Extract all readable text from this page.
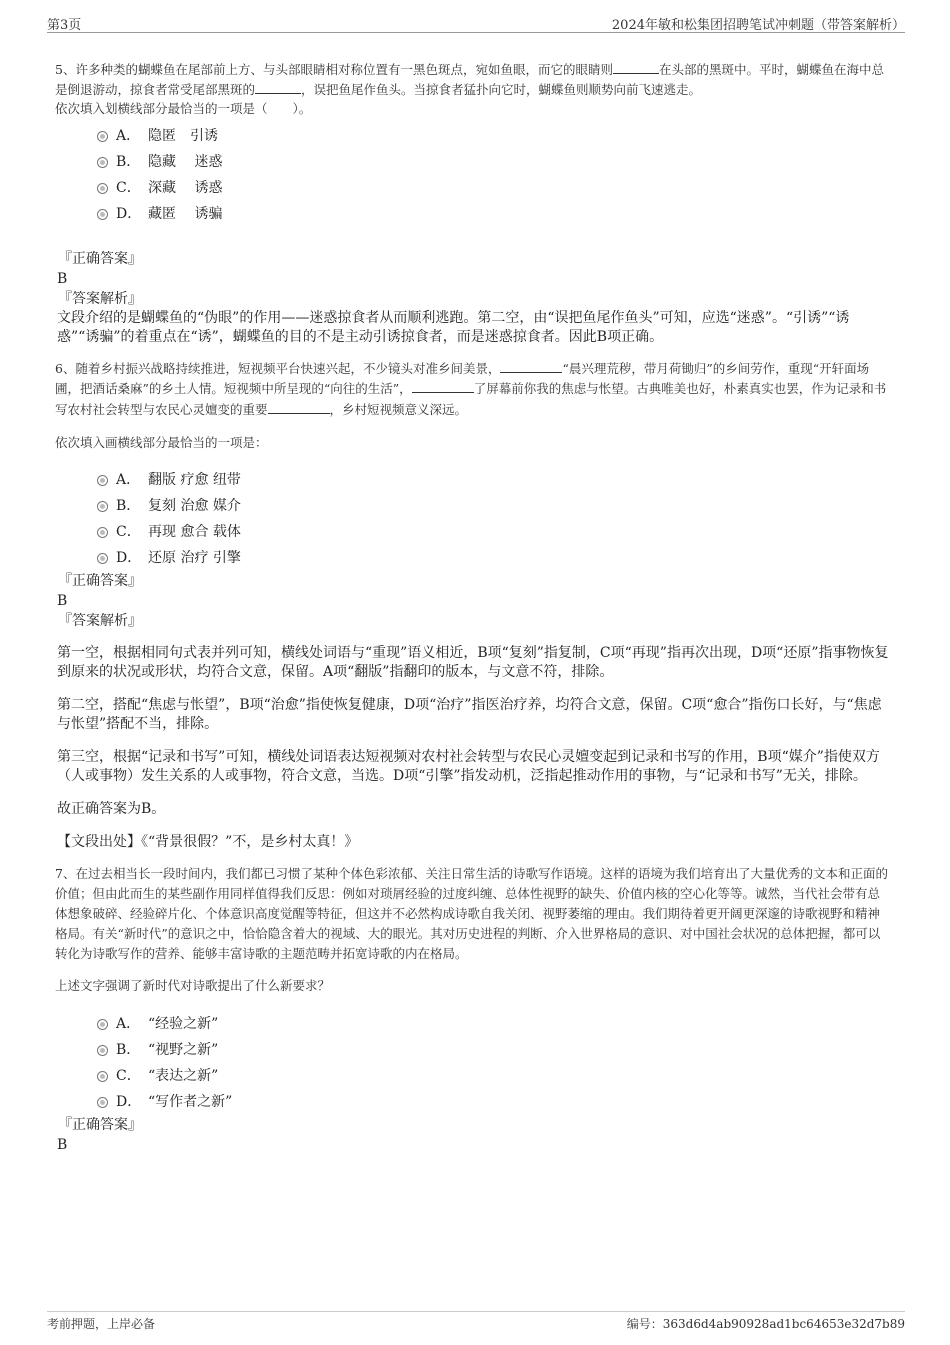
第3页	2024年敏和松集团招聘笔试冲刺题（带答案解析）

5、许多种类的蝴蝶鱼在尾部前上方、与头部眼睛相对称位置有一黑色斑点，宛如鱼眼，而它的眼睛则	在头部的黑斑中。平时，蝴蝶鱼在海中总是倒退游动，掠食者常受尾部黑斑的	，误把鱼尾作鱼头。当掠食者猛扑向它时，蝴蝶鱼则顺势向前飞速逃走。

依次填入划横线部分最恰当的一项是（　　）。

A． 隐匿　引诱
B． 隐藏　 迷惑
C． 深藏　 诱惑
D． 藏匿　 诱骗

『正确答案』

B

『答案解析』

文段介绍的是蝴蝶鱼的“伪眼”的作用——迷惑掠食者从而顺利逃跑。第二空，由“误把鱼尾作鱼头”可知，应选“迷惑”。“引诱”“诱惑”“诱骗”的着重点在“诱”，蝴蝶鱼的目的不是主动引诱掠食者，而是迷惑掠食者。因此B项正确。

6、随着乡村振兴战略持续推进，短视频平台快速兴起，不少镜头对准乡间美景，	“晨兴理荒秽，带月荷锄归”的乡间劳作，重现“开轩面场圃，把酒话桑麻”的乡土人情。短视频中所呈现的“向往的生活”，	了屏幕前你我的焦虑与怅望。古典唯美也好，朴素真实也罢，作为记录和书写农村社会转型与农民心灵嬗变的重要	，乡村短视频意义深远。

依次填入画横线部分最恰当的一项是：

A． 翻版 疗愈 纽带
B． 复刻 治愈 媒介
C． 再现 愈合 载体
D． 还原 治疗 引擎

『正确答案』

B

『答案解析』

第一空，根据相同句式表并列可知，横线处词语与“重现”语义相近，B项“复刻”指复制，C项“再现”指再次出现，D项“还原”指事物恢复到原来的状况或形状，均符合文意，保留。A项“翻版”指翻印的版本，与文意不符，排除。

第二空，搭配“焦虑与怅望”，B项“治愈”指使恢复健康，D项“治疗”指医治疗养，均符合文意，保留。C项“愈合”指伤口长好，与“焦虑与怅望”搭配不当，排除。

第三空，根据“记录和书写”可知，横线处词语表达短视频对农村社会转型与农民心灵嬗变起到记录和书写的作用，B项“媒介”指使双方（人或事物）发生关系的人或事物，符合文意，当选。D项“引擎”指发动机，泛指起推动作用的事物，与“记录和书写”无关，排除。

故正确答案为B。

【文段出处】《“背景很假？”不，是乡村太真！》

7、在过去相当长一段时间内，我们都已习惯了某种个体色彩浓郁、关注日常生活的诗歌写作语境。这样的语境为我们培育出了大量优秀的文本和正面的价值；但由此而生的某些副作用同样值得我们反思：例如对琐屑经验的过度纠缠、总体性视野的缺失、价值内核的空心化等等。诚然，当代社会带有总体想象破碎、经验碎片化、个体意识高度觉醒等特征，但这并不必然构成诗歌自我关闭、视野萎缩的理由。我们期待着更开阔更深邃的诗歌视野和精神格局。有关“新时代”的意识之中，恰恰隐含着大的视域、大的眼光。其对历史进程的判断、介入世界格局的意识、对中国社会状况的总体把握，都可以转化为诗歌写作的营养、能够丰富诗歌的主题范畴并拓宽诗歌的内在格局。

上述文字强调了新时代对诗歌提出了什么新要求？

A． “经验之新”
B． “视野之新”
C． “表达之新”
D． “写作者之新”

『正确答案』

B

考前押题，上岸必备	编号：363d6d4ab90928ad1bc64653e32d7b89
